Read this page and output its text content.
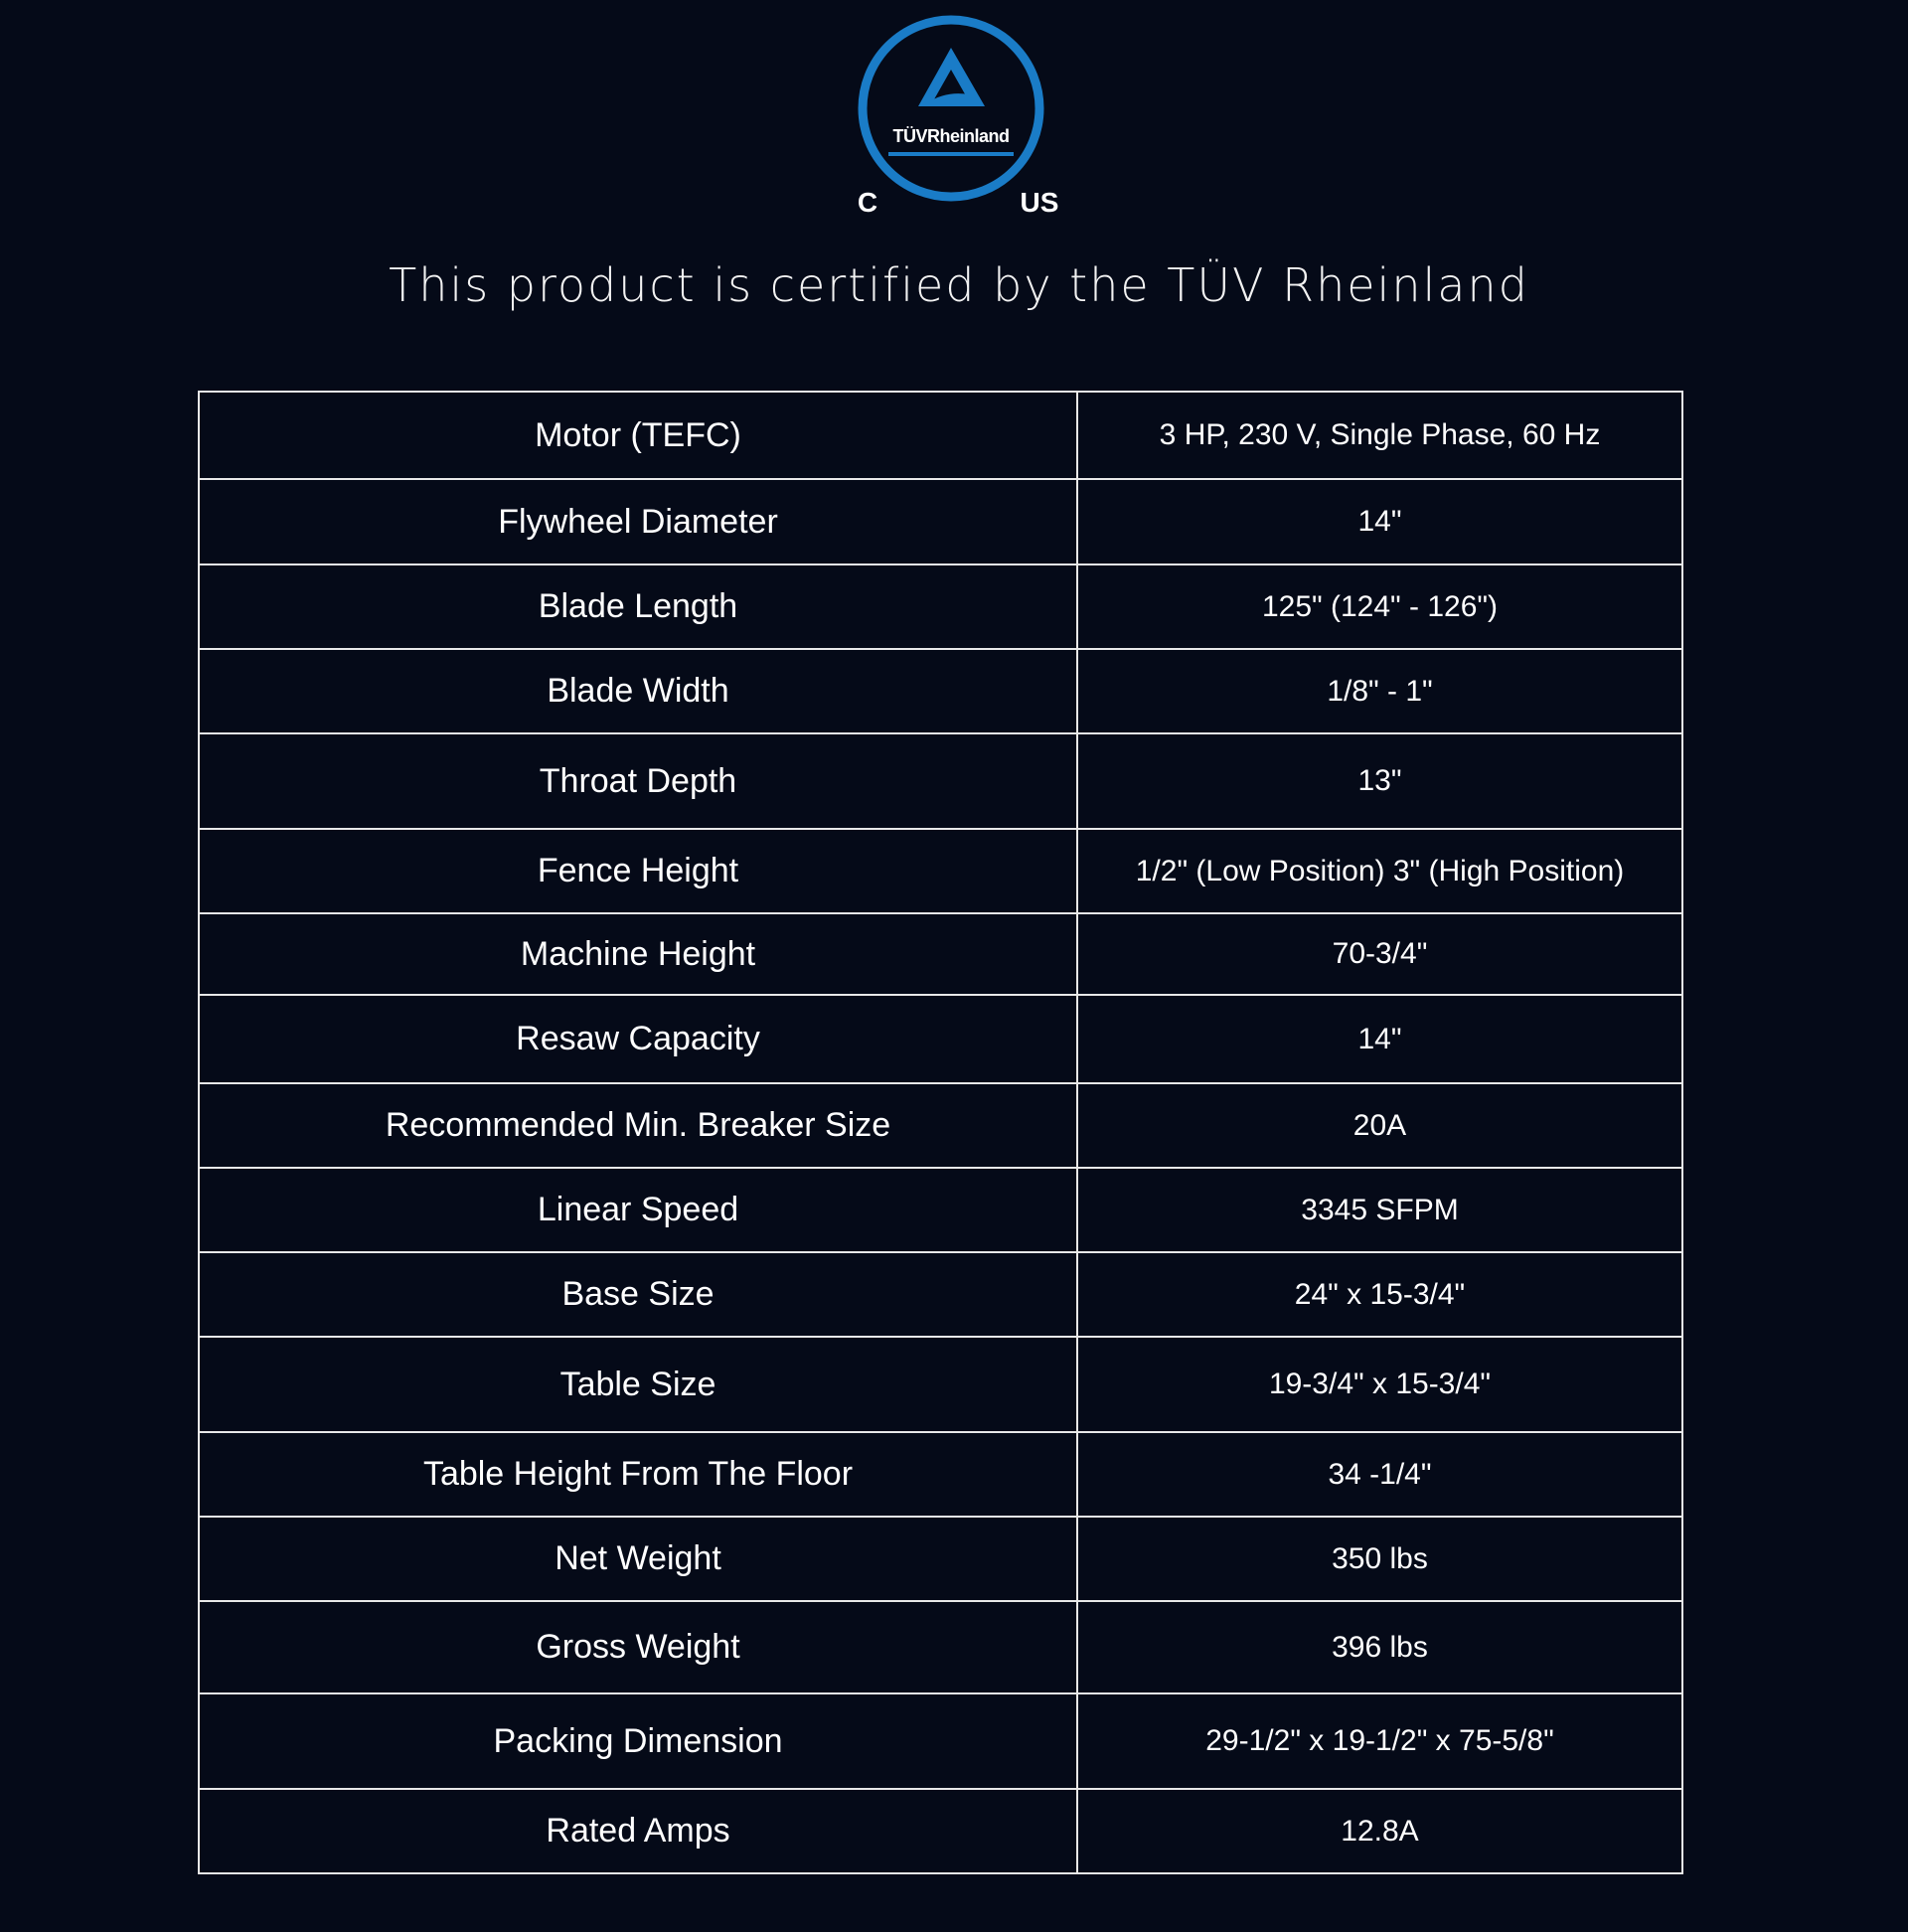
TÜVRheinland
C	US
This product is certified by the TÜV Rheinland
Motor (TEFC)	3 HP, 230 V, Single Phase, 60 Hz
Flywheel Diameter	14"
Blade Length	125" (124" - 126")
Blade Width	1/8" - 1"
Throat Depth	13"
Fence Height	1/2" (Low Position) 3" (High Position)
Machine Height	70-3/4"
Resaw Capacity	14"
Recommended Min. Breaker Size	20A
Linear Speed	3345 SFPM
Base Size	24" x 15-3/4"
Table Size	19-3/4" x 15-3/4"
Table Height From The Floor	34 -1/4"
Net Weight	350 lbs
Gross Weight	396 lbs
Packing Dimension	29-1/2" x 19-1/2" x 75-5/8"
Rated Amps	12.8A
